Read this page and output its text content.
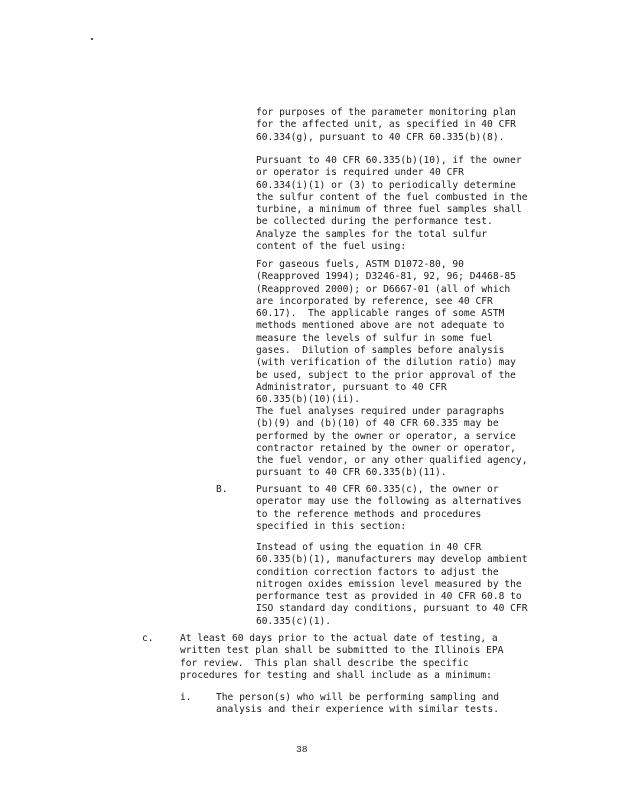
for purposes of the parameter monitoring plan
for the affected unit, as specified in 40 CFR
60.334(g), pursuant to 40 CFR 60.335(b)(8).
Pursuant to 40 CFR 60.335(b)(10), if the owner
or operator is required under 40 CFR
60.334(i)(1) or (3) to periodically determine
the sulfur content of the fuel combusted in the
turbine, a minimum of three fuel samples shall
be collected during the performance test.
Analyze the samples for the total sulfur
content of the fuel using:
For gaseous fuels, ASTM D1072-80, 90
(Reapproved 1994); D3246-81, 92, 96; D4468-85
(Reapproved 2000); or D6667-01 (all of which
are incorporated by reference, see 40 CFR
60.17).  The applicable ranges of some ASTM
methods mentioned above are not adequate to
measure the levels of sulfur in some fuel
gases.  Dilution of samples before analysis
(with verification of the dilution ratio) may
be used, subject to the prior approval of the
Administrator, pursuant to 40 CFR
60.335(b)(10)(ii).
The fuel analyses required under paragraphs
(b)(9) and (b)(10) of 40 CFR 60.335 may be
performed by the owner or operator, a service
contractor retained by the owner or operator,
the fuel vendor, or any other qualified agency,
pursuant to 40 CFR 60.335(b)(11).
B.	Pursuant to 40 CFR 60.335(c), the owner or
operator may use the following as alternatives
to the reference methods and procedures
specified in this section:
Instead of using the equation in 40 CFR
60.335(b)(1), manufacturers may develop ambient
condition correction factors to adjust the
nitrogen oxides emission level measured by the
performance test as provided in 40 CFR 60.8 to
ISO standard day conditions, pursuant to 40 CFR
60.335(c)(1).
c.	At least 60 days prior to the actual date of testing, a
written test plan shall be submitted to the Illinois EPA
for review.  This plan shall describe the specific
procedures for testing and shall include as a minimum:
i.	The person(s) who will be performing sampling and
analysis and their experience with similar tests.
38
